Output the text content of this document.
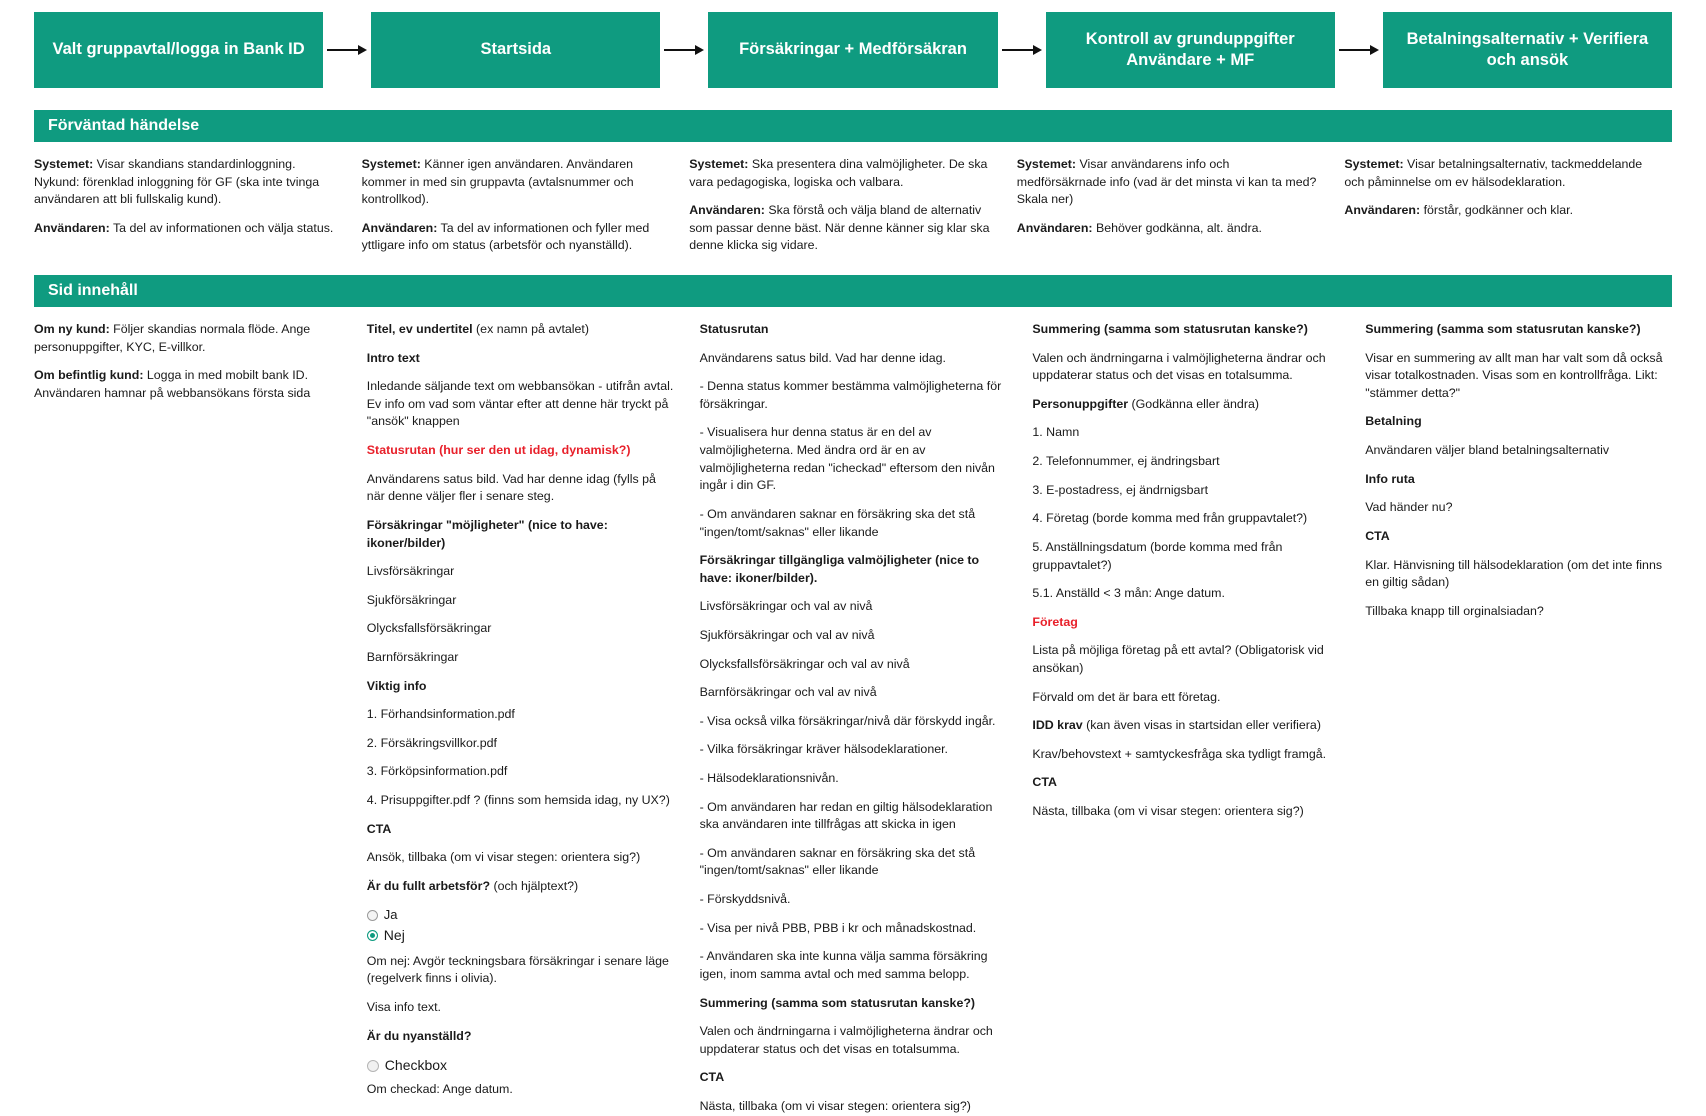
Valt gruppavtal/logga in Bank ID	Startsida	Försäkringar + Medförsäkran
Kontroll av grunduppgifter Användare + MF
Betalningsalternativ + Verifiera och ansök
Förväntad händelse

Systemet: Visar skandians standardinloggning. Nykund: förenklad inloggning för GF (ska inte tvinga användaren att bli fullskalig kund).

Användaren: Ta del av informationen och välja status.

Systemet: Känner igen användaren. Användaren kommer in med sin gruppavta (avtalsnummer och kontrollkod).

Användaren: Ta del av informationen och fyller med yttligare info om status (arbetsför och nyanställd).

Systemet: Ska presentera dina valmöjligheter. De ska vara pedagogiska, logiska och valbara.

Användaren: Ska förstå och välja bland de alternativ som passar denne bäst. När denne känner sig klar ska denne klicka sig vidare.

Systemet: Visar användarens info och medförsäkrnade info (vad är det minsta vi kan ta med? Skala ner)

Användaren: Behöver godkänna, alt. ändra.

Systemet: Visar betalningsalternativ, tackmeddelande och påminnelse om ev hälsodeklaration.

Användaren: förstår, godkänner och klar.

Sid innehåll

Om ny kund: Följer skandias normala flöde. Ange personuppgifter, KYC, E-villkor.

Om befintlig kund: Logga in med mobilt bank ID. Användaren hamnar på webbansökans första sida

Titel, ev undertitel (ex namn på avtalet)

Intro text

Inledande säljande text om webbansökan - utifrån avtal. Ev info om vad som väntar efter att denne här tryckt på "ansök" knappen

Statusrutan (hur ser den ut idag, dynamisk?)

Användarens satus bild. Vad har denne idag (fylls på när denne väljer fler i senare steg.

Försäkringar "möjligheter" (nice to have: ikoner/bilder)

Livsförsäkringar

Sjukförsäkringar

Olycksfallsförsäkringar

Barnförsäkringar

Viktig info

1. Förhandsinformation.pdf

2. Försäkringsvillkor.pdf

3. Förköpsinformation.pdf

4. Prisuppgifter.pdf ? (finns som hemsida idag, ny UX?)

CTA

Ansök, tillbaka (om vi visar stegen: orientera sig?)

Är du fullt arbetsför? (och hjälptext?)

Ja
Nej

Om nej: Avgör teckningsbara försäkringar i senare läge (regelverk finns i olivia).

Visa info text.

Är du nyanställd?

Checkbox

Om checkad: Ange datum.

Statusrutan

Användarens satus bild. Vad har denne idag.

- Denna status kommer bestämma valmöjligheterna för försäkringar.

- Visualisera hur denna status är en del av valmöjligheterna. Med ändra ord är en av valmöjligheterna redan "icheckad" eftersom den nivån ingår i din GF.

- Om användaren saknar en försäkring ska det stå "ingen/tomt/saknas" eller likande

Försäkringar tillgängliga valmöjligheter (nice to have: ikoner/bilder).

Livsförsäkringar och val av nivå

Sjukförsäkringar och val av nivå

Olycksfallsförsäkringar och val av nivå

Barnförsäkringar och val av nivå

- Visa också vilka försäkringar/nivå där förskydd ingår.

- Vilka försäkringar kräver hälsodeklarationer.

- Hälsodeklarationsnivån.

- Om användaren har redan en giltig hälsodeklaration ska användaren inte tillfrågas att skicka in igen

- Om användaren saknar en försäkring ska det stå "ingen/tomt/saknas" eller likande

- Förskyddsnivå.

- Visa per nivå PBB, PBB i kr och månadskostnad.

- Användaren ska inte kunna välja samma försäkring igen, inom samma avtal och med samma belopp.

Summering (samma som statusrutan kanske?)

Valen och ändrningarna i valmöjligheterna ändrar och uppdaterar status och det visas en totalsumma.

CTA

Nästa, tillbaka (om vi visar stegen: orientera sig?)

Summering (samma som statusrutan kanske?)

Valen och ändrningarna i valmöjligheterna ändrar och uppdaterar status och det visas en totalsumma.

Personuppgifter (Godkänna eller ändra)

1. Namn

2. Telefonnummer, ej ändringsbart

3. E-postadress, ej ändrnigsbart

4. Företag (borde komma med från gruppavtalet?)

5. Anställningsdatum (borde komma med från gruppavtalet?)

5.1. Anställd < 3 mån: Ange datum.

Företag

Lista på möjliga företag på ett avtal? (Obligatorisk vid ansökan)

Förvald om det är bara ett företag.

IDD krav (kan även visas in startsidan eller verifiera)

Krav/behovstext + samtyckesfråga ska tydligt framgå.

CTA

Nästa, tillbaka (om vi visar stegen: orientera sig?)

Summering (samma som statusrutan kanske?)

Visar en summering av allt man har valt som då också visar totalkostnaden. Visas som en kontrollfråga. Likt: "stämmer detta?"

Betalning

Användaren väljer bland betalningsalternativ

Info ruta

Vad händer nu?

CTA

Klar. Hänvisning till hälsodeklaration (om det inte finns en giltig sådan)

Tillbaka knapp till orginalsiadan?
